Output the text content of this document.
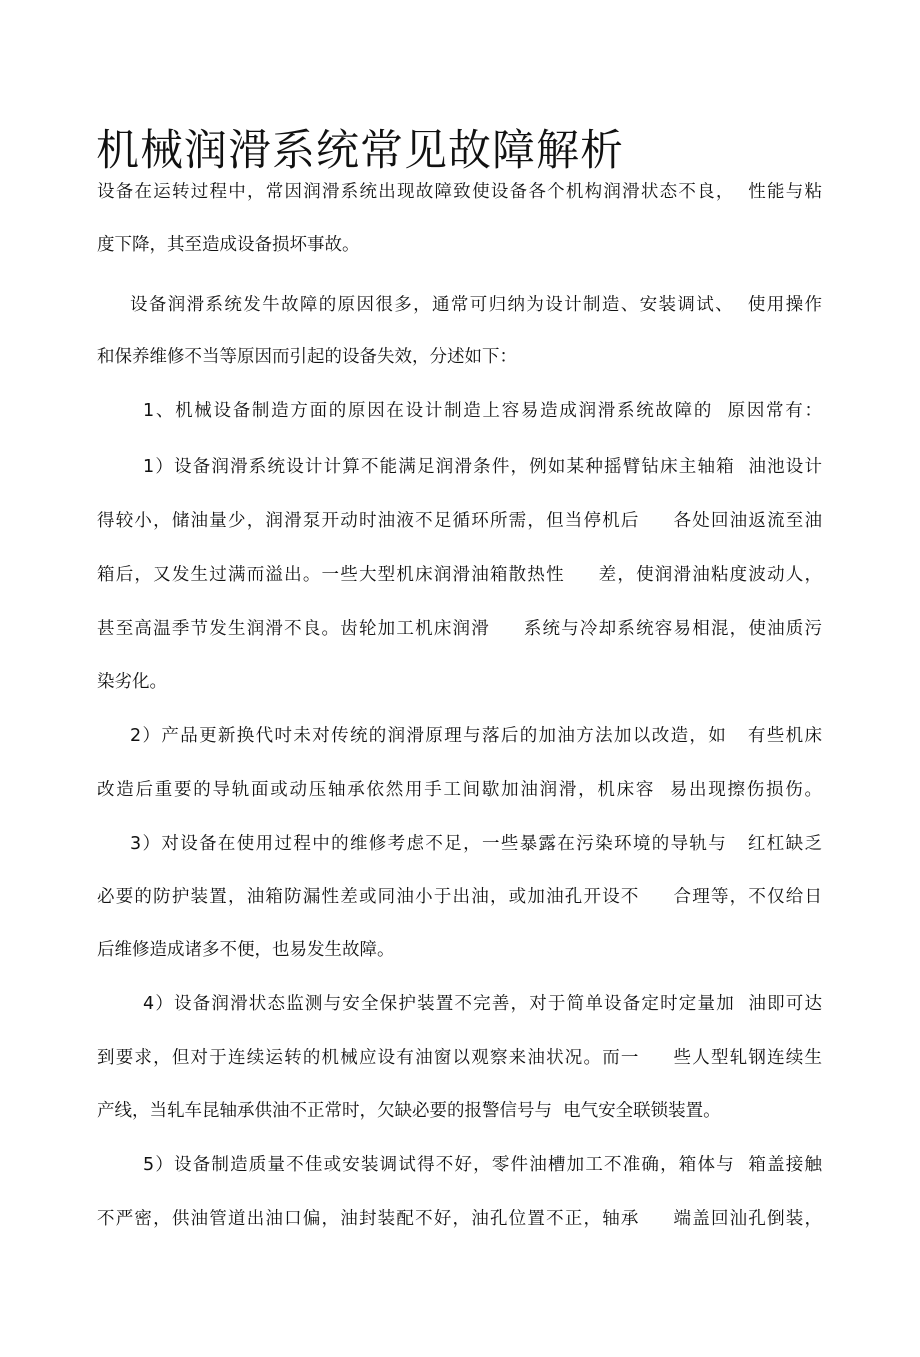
机械润滑系统常见故障解析
设备在运转过程中，常因润滑系统出现故障致使设备各个机构润滑状态不良，  性能与粘
度下降，其至造成设备损坏事故。
设备润滑系统发牛故障的原因很多，通常可归纳为设计制造、安装调试、  使用操作
和保养维修不当等原因而引起的设备失效，分述如下：
1、机械设备制造方面的原因在设计制造上容易造成润滑系统故障的  原因常有：
1）设备润滑系统设计计算不能满足润滑条件，例如某种摇臂钻床主轴箱  油池设计
得较小，储油量少，润滑泵开动时油液不足循环所需，但当停机后     各处回油返流至油
箱后，又发生过满而溢出。一些大型机床润滑油箱散热性     差，使润滑油粘度波动人，
甚至高温季节发生润滑不良。齿轮加工机床润滑     系统与冷却系统容易相混，使油质污
染劣化。
2）产品更新换代吋未对传统的润滑原理与落后的加油方法加以改造，如   有些机床
改造后重要的导轨面或动压轴承依然用手工间歇加油润滑，机床容  易出现擦伤损伤。
3）对设备在使用过程中的维修考虑不足，一些暴露在污染环境的导轨与   红杠缺乏
必要的防护装置，油箱防漏性差或同油小于出油，或加油孔开设不     合理等，不仅给日
后维修造成诸多不便，也易发生故障。
4）设备润滑状态监测与安全保护装置不完善，对于简单设备定时定量加  油即可达
到要求，但对于连续运转的机械应设有油窗以观察来油状况。而一     些人型轧钢连续生
产线，当轧车昆轴承供油不正常时，欠缺必要的报警信号与  电气安全联锁装置。
5）设备制造质量不佳或安装调试得不好，零件油槽加工不准确，箱体与  箱盖接触
不严密，供油管道出油口偏，油封装配不好，油孔位置不正，轴承     端盖回汕孔倒装，
